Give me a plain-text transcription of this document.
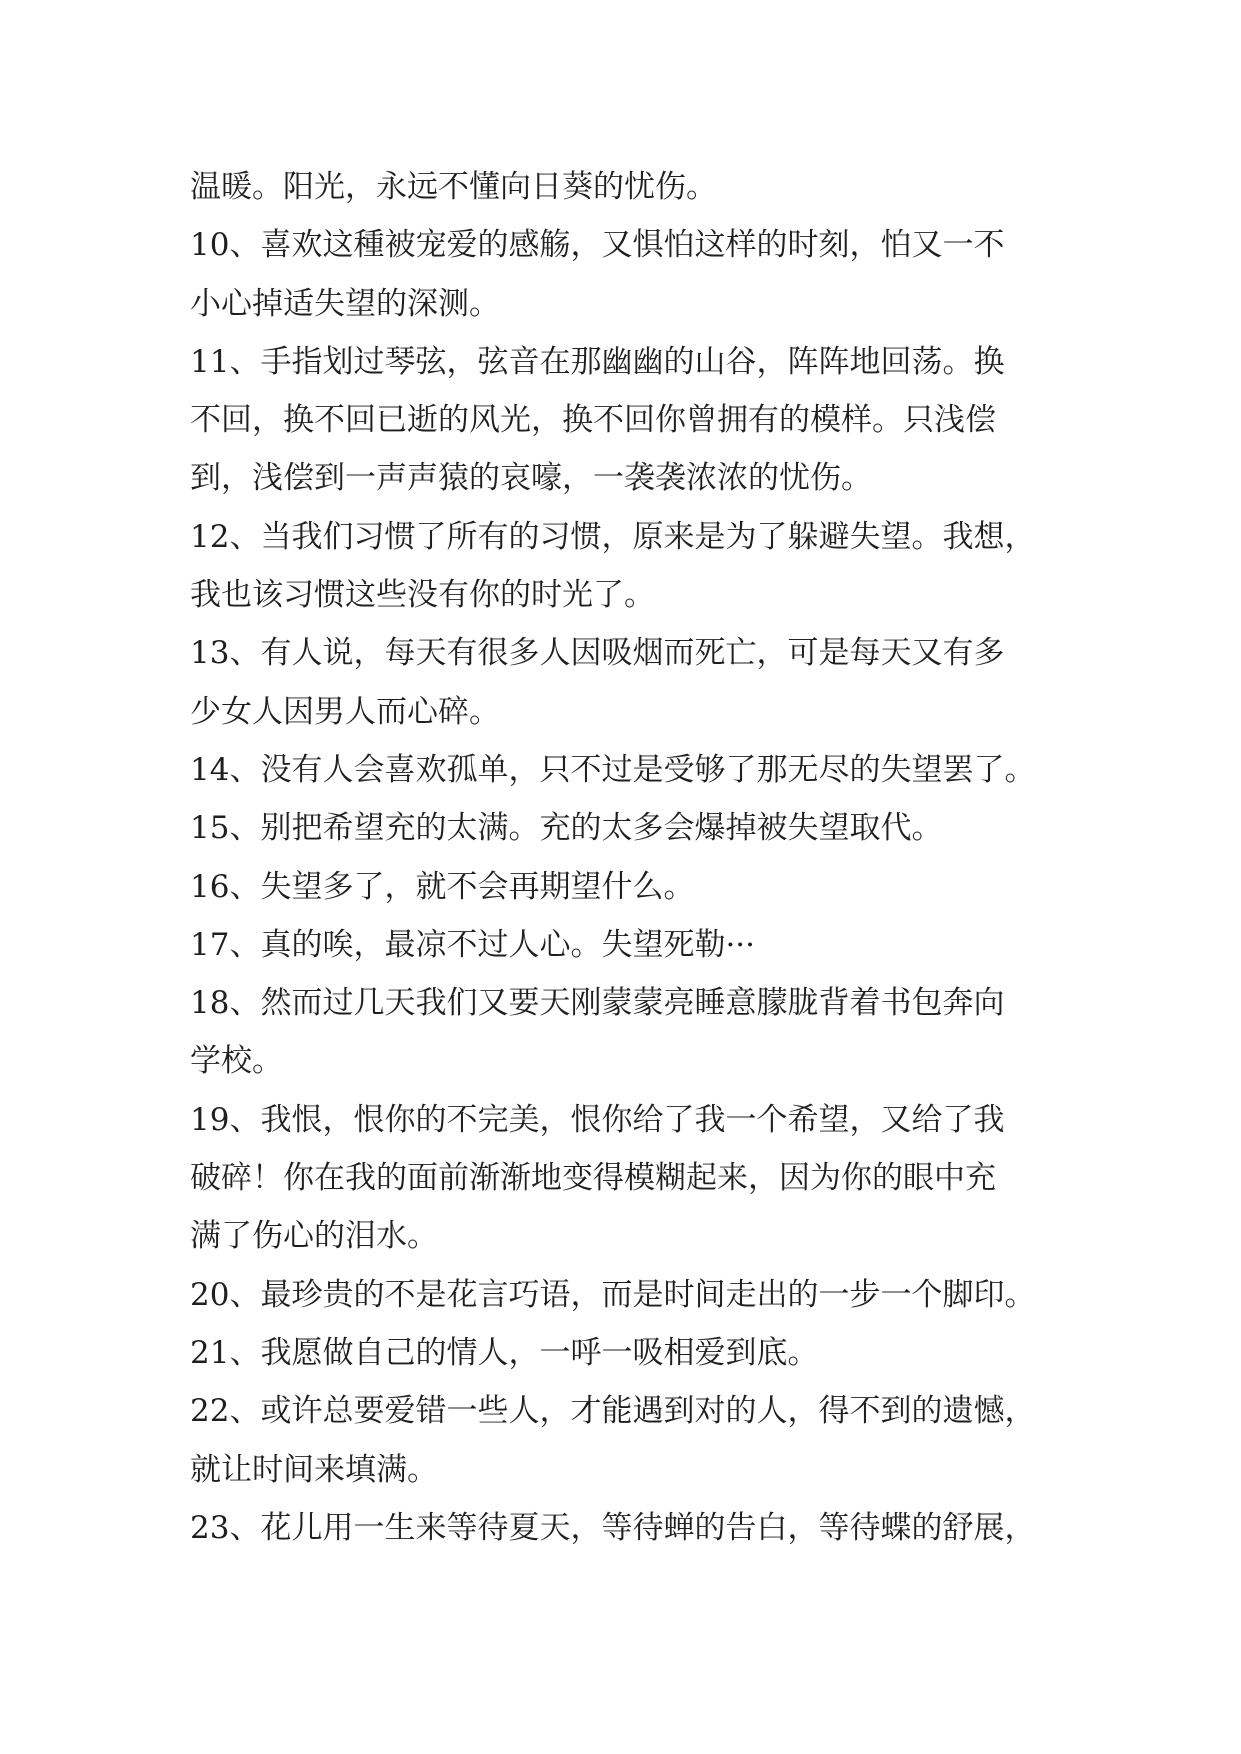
温暖。阳光，永远不懂向日葵的忧伤。
10、喜欢这種被宠爱的感觞，又惧怕这样的时刻，怕又一不
小心掉适失望的深测。
11、手指划过琴弦，弦音在那幽幽的山谷，阵阵地回荡。换
不回，换不回已逝的风光，换不回你曾拥有的模样。只浅偿
到，浅偿到一声声猿的哀嚎，一袭袭浓浓的忧伤。
12、当我们习惯了所有的习惯，原来是为了躲避失望。我想，
我也该习惯这些没有你的时光了。
13、有人说，每天有很多人因吸烟而死亡，可是每天又有多
少女人因男人而心碎。
14、没有人会喜欢孤单，只不过是受够了那无尽的失望罢了。
15、别把希望充的太满。充的太多会爆掉被失望取代。
16、失望多了，就不会再期望什么。
17、真的唉，最凉不过人心。失望死勒···
18、然而过几天我们又要天刚蒙蒙亮睡意朦胧背着书包奔向
学校。
19、我恨，恨你的不完美，恨你给了我一个希望，又给了我
破碎！你在我的面前渐渐地变得模糊起来，因为你的眼中充
满了伤心的泪水。
20、最珍贵的不是花言巧语，而是时间走出的一步一个脚印。
21、我愿做自己的情人，一呼一吸相爱到底。
22、或许总要爱错一些人，才能遇到对的人，得不到的遗憾，
就让时间来填满。
23、花儿用一生来等待夏天，等待蝉的告白，等待蝶的舒展，
